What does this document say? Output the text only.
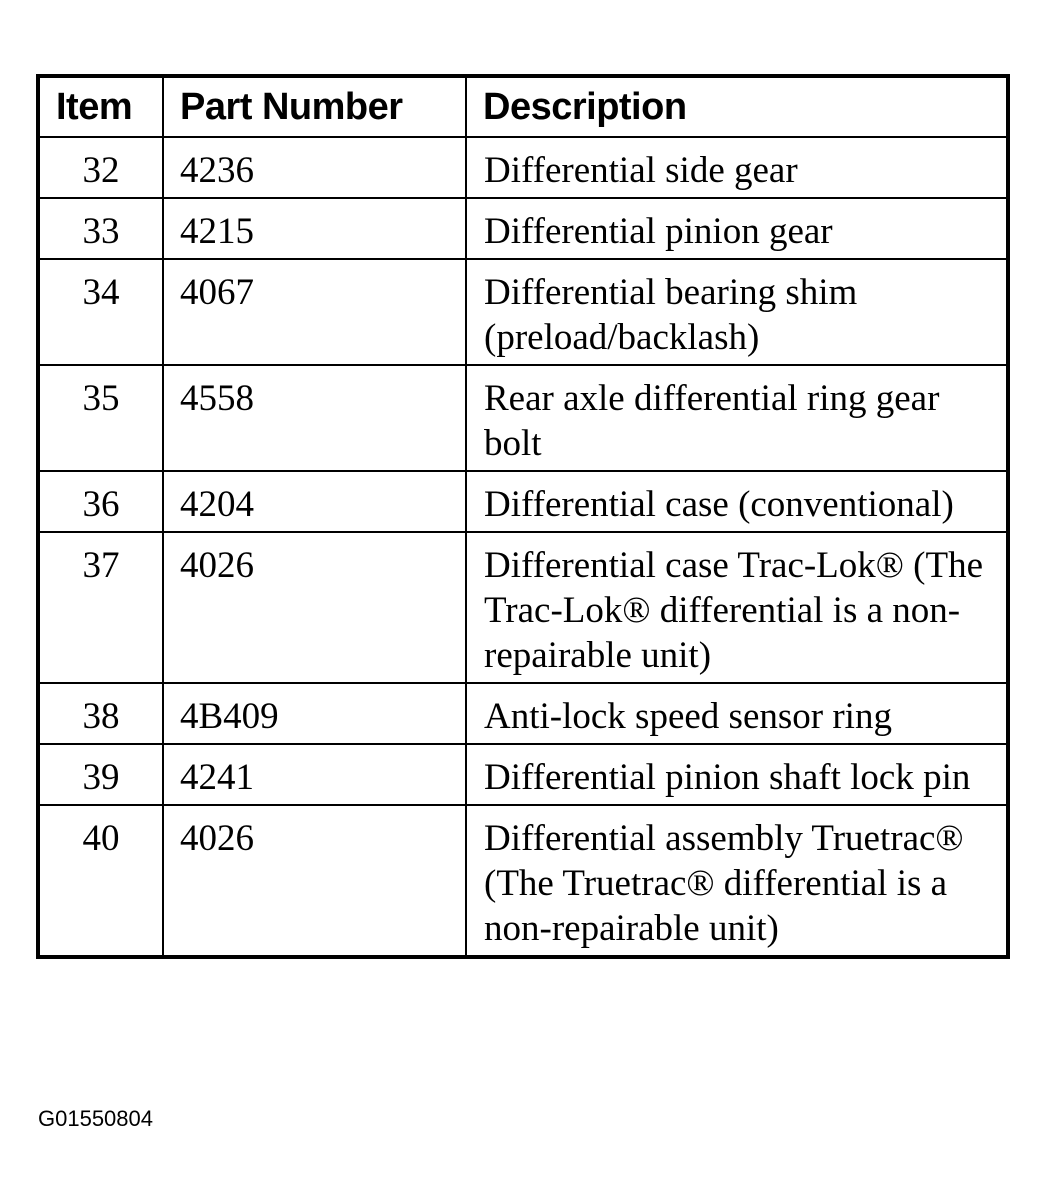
Item	Part Number	Description
32	4236	Differential side gear
33	4215	Differential pinion gear
34	4067	Differential bearing shim (preload/backlash)
35	4558	Rear axle differential ring gear bolt
36	4204	Differential case (conventional)
37	4026	Differential case Trac-Lok® (The Trac-Lok® differential is a non-repairable unit)
38	4B409	Anti-lock speed sensor ring
39	4241	Differential pinion shaft lock pin
40	4026	Differential assembly Truetrac® (The Truetrac® differential is a non-repairable unit)
G01550804
